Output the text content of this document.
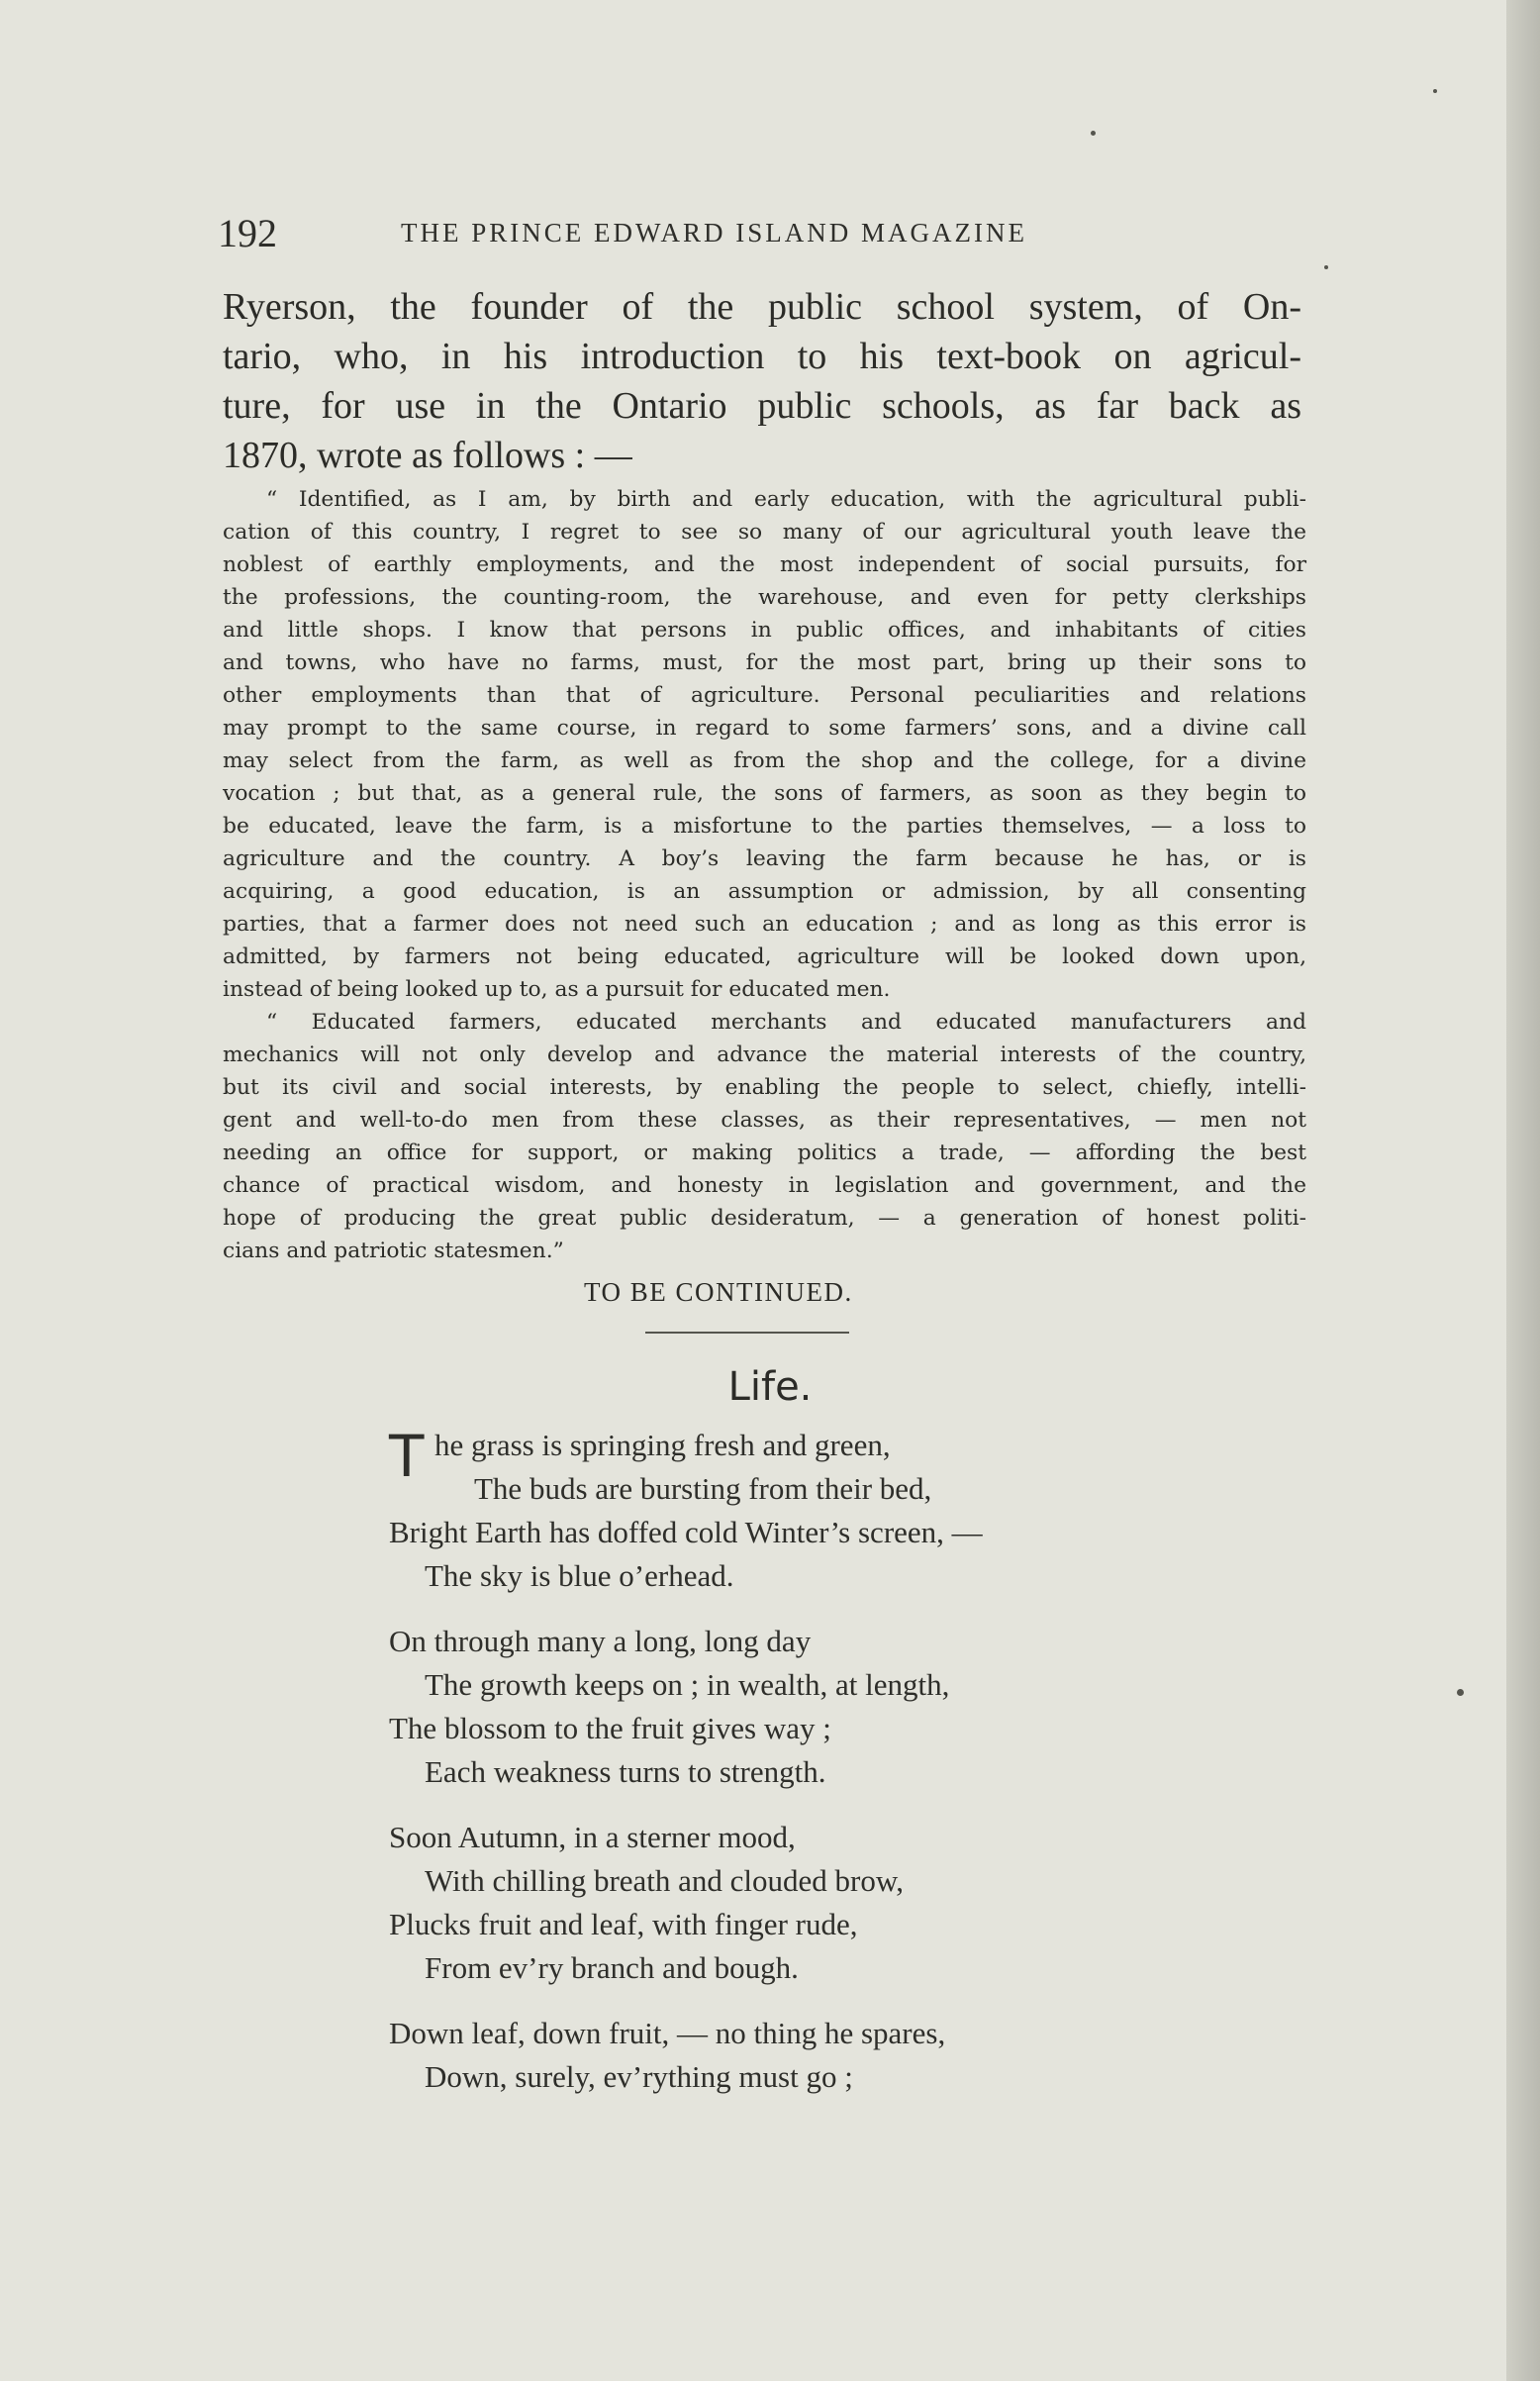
192	THE PRINCE EDWARD ISLAND MAGAZINE
Ryerson, the founder of the public school system, of On-
tario, who, in his introduction to his text-book on agricul-
ture, for use in the Ontario public schools, as far back as
1870, wrote as follows : —
“ Identified, as I am, by birth and early education, with the agricultural publi-
cation of this country, I regret to see so many of our agricultural youth leave the
noblest of earthly employments, and the most independent of social pursuits, for
the professions, the counting-room, the warehouse, and even for petty clerkships
and little shops. I know that persons in public offices, and inhabitants of cities
and towns, who have no farms, must, for the most part, bring up their sons to
other employments than that of agriculture. Personal peculiarities and relations
may prompt to the same course, in regard to some farmers’ sons, and a divine call
may select from the farm, as well as from the shop and the college, for a divine
vocation ; but that, as a general rule, the sons of farmers, as soon as they begin to
be educated, leave the farm, is a misfortune to the parties themselves, — a loss to
agriculture and the country. A boy’s leaving the farm because he has, or is
acquiring, a good education, is an assumption or admission, by all consenting
parties, that a farmer does not need such an education ; and as long as this error is
admitted, by farmers not being educated, agriculture will be looked down upon,
instead of being looked up to, as a pursuit for educated men.
“ Educated farmers, educated merchants and educated manufacturers and
mechanics will not only develop and advance the material interests of the country,
but its civil and social interests, by enabling the people to select, chiefly, intelli-
gent and well-to-do men from these classes, as their representatives, — men not
needing an office for support, or making politics a trade, — affording the best
chance of practical wisdom, and honesty in legislation and government, and the
hope of producing the great public desideratum, — a generation of honest politi-
cians and patriotic statesmen.”
TO BE CONTINUED.
Life.
T he grass is springing fresh and green,
The buds are bursting from their bed,
Bright Earth has doffed cold Winter’s screen, —
The sky is blue o’erhead.
On through many a long, long day
The growth keeps on ; in wealth, at length,
The blossom to the fruit gives way ;
Each weakness turns to strength.
Soon Autumn, in a sterner mood,
With chilling breath and clouded brow,
Plucks fruit and leaf, with finger rude,
From ev’ry branch and bough.
Down leaf, down fruit, — no thing he spares,
Down, surely, ev’rything must go ;
